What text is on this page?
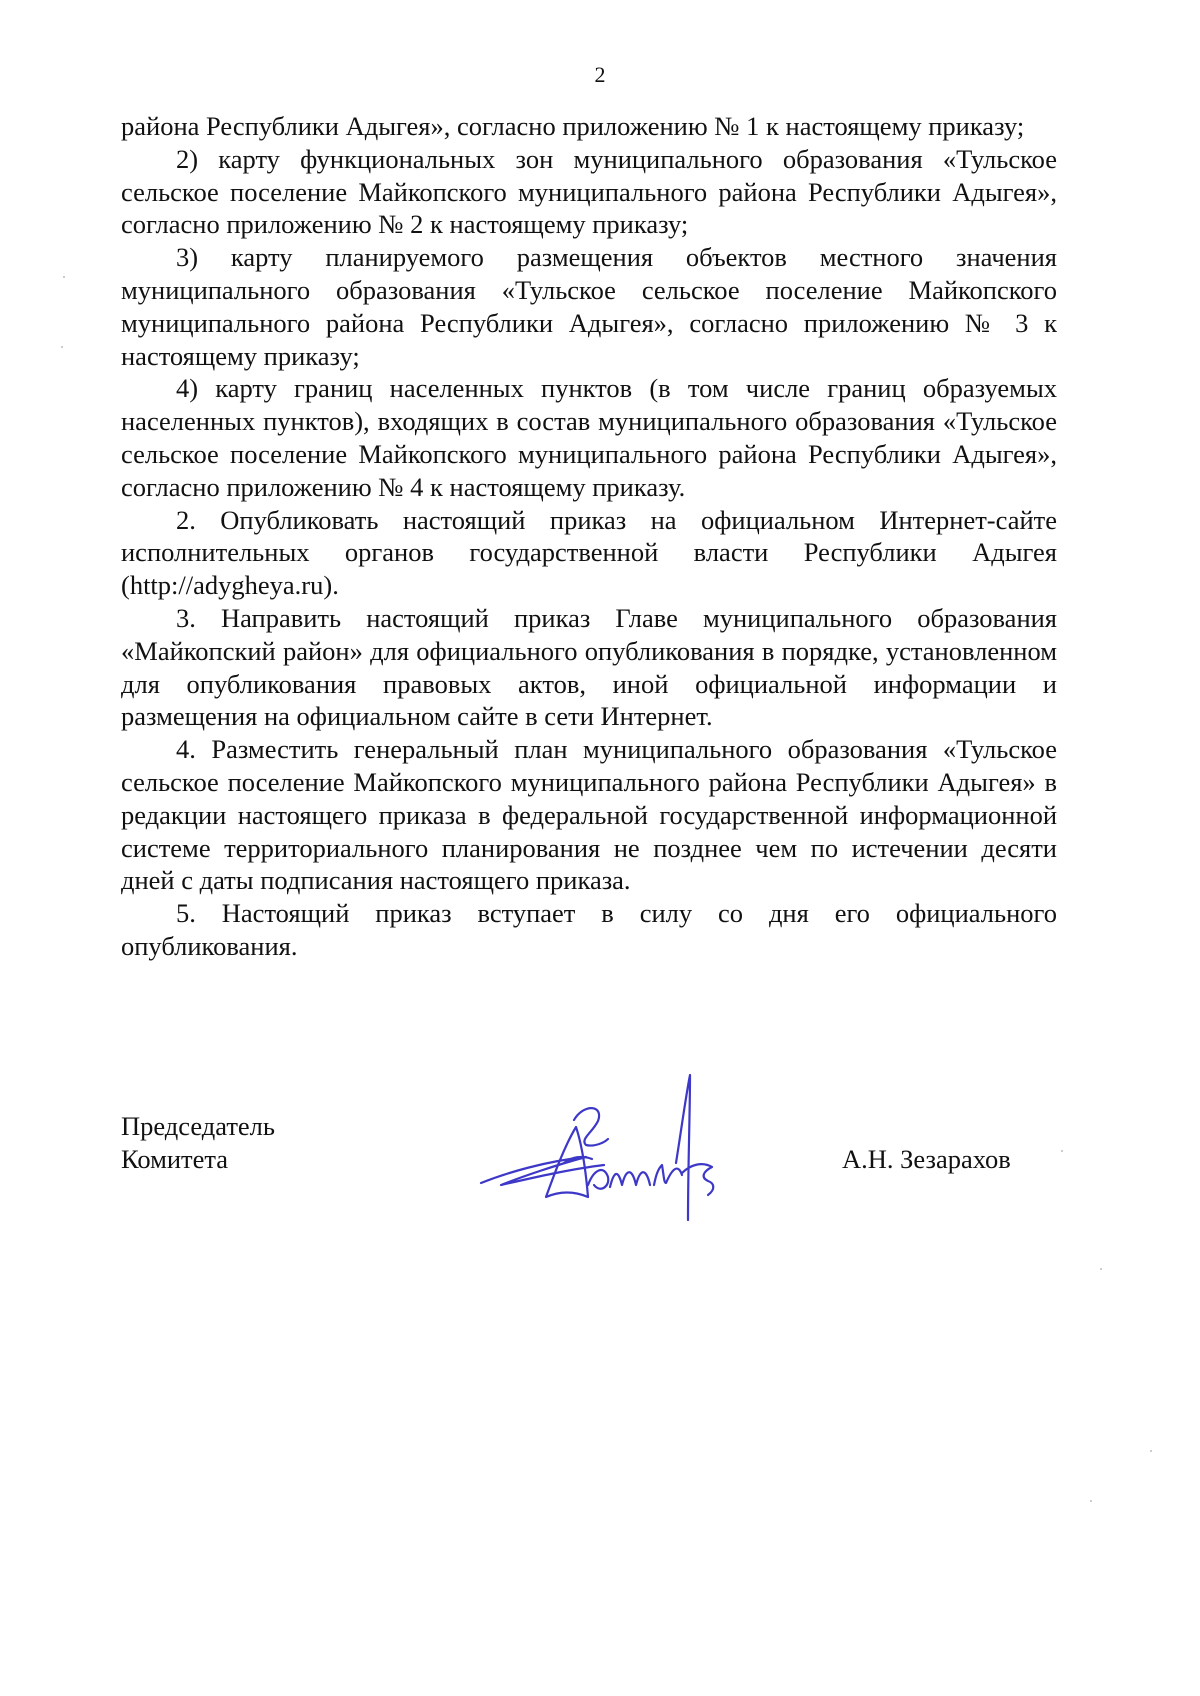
2

района Республики Адыгея», согласно приложению № 1 к настоящему приказу;

2) карту функциональных зон муниципального образования «Тульское сельское поселение Майкопского муниципального района Республики Адыгея», согласно приложению № 2 к настоящему приказу;

3) карту планируемого размещения объектов местного значения муниципального образования «Тульское сельское поселение Майкопского муниципального района Республики Адыгея», согласно приложению № 3 к настоящему приказу;

4) карту границ населенных пунктов (в том числе границ образуемых населенных пунктов), входящих в состав муниципального образования «Тульское сельское поселение Майкопского муниципального района Республики Адыгея», согласно приложению № 4 к настоящему приказу.

2. Опубликовать настоящий приказ на официальном Интернет-сайте исполнительных органов государственной власти Республики Адыгея (http://adygheya.ru).

3. Направить настоящий приказ Главе муниципального образования «Майкопский район» для официального опубликования в порядке, установленном для опубликования правовых актов, иной официальной информации и размещения на официальном сайте в сети Интернет.

4. Разместить генеральный план муниципального образования «Тульское сельское поселение Майкопского муниципального района Республики Адыгея» в редакции настоящего приказа в федеральной государственной информационной системе территориального планирования не позднее чем по истечении десяти дней с даты подписания настоящего приказа.

5. Настоящий приказ вступает в силу со дня его официального опубликования.

Председатель
Комитета	А.Н. Зезарахов
